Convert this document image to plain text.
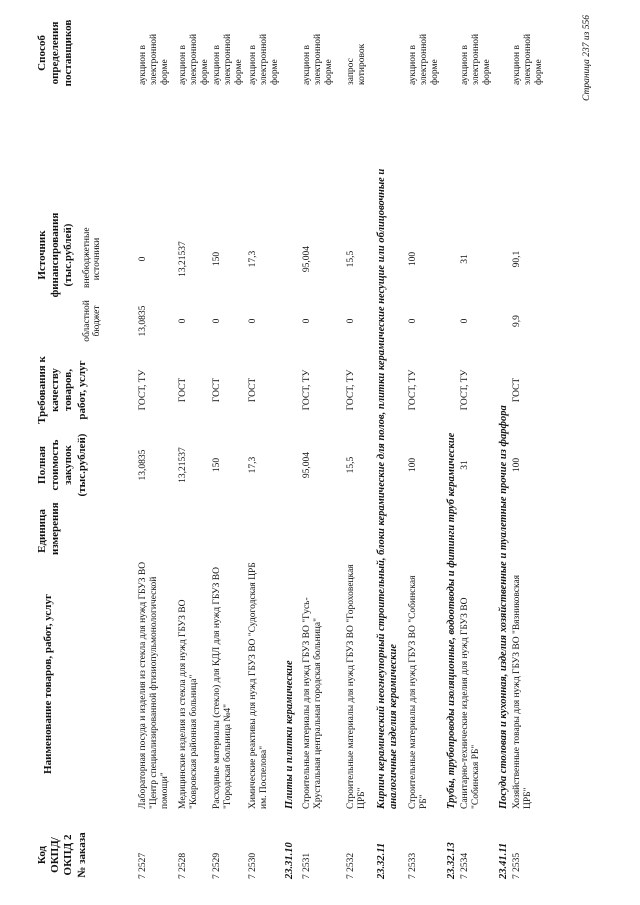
Код ОКПД/ ОКПД 2 № заказа
Наименование товаров, работ, услуг
Единица измерения
Полная стоимость закупок (тыс.рублей)
Требования к качеству товаров, работ, услуг
Источник финансирования (тыс.рублей)
областной бюджет
внебюджетные источники
Способ определения поставщиков
7 2527
Лабораторная посуда и изделия из стекла для нужд ГБУЗ ВО "Центр специализированной фтизиопульмонологической помощи"
13,0835
ГОСТ, ТУ
13,0835
0
аукцион в электронной форме
7 2528
Медицинские изделия из стекла для нужд ГБУЗ ВО "Ковровская районная больница"
13,21537
ГОСТ
0
13,21537
аукцион в электронной форме
7 2529
Расходные материалы (стекло) для КДЛ для нужд ГБУЗ ВО "Городская больница №4"
150
ГОСТ
0
150
аукцион в электронной форме
7 2530
Химические реактивы для нужд ГБУЗ ВО "Судогодская ЦРБ им. Поспелова"
17,3
ГОСТ
0
17,3
аукцион в электронной форме
23.31.10
Плиты и плитки керамические
7 2531
Строительные материалы для нужд ГБУЗ ВО "Гусь-Хрустальная центральная городская больница"
95,004
ГОСТ, ТУ
0
95,004
аукцион в электронной форме
7 2532
Строительные материалы для нужд ГБУЗ ВО "Гороховецкая ЦРБ"
15,5
ГОСТ, ТУ
0
15,5
запрос котировок
23.32.11
Кирпич керамический неогнеупорный строительный, блоки керамические для полов, плитки керамические несущие или облицовочные и аналогичные изделия керамические
7 2533
Строительные материалы для нужд ГБУЗ ВО "Собинская РБ"
100
ГОСТ, ТУ
0
100
аукцион в электронной форме
23.32.13
Трубы, трубопроводы изоляционные, водоотводы и фитинги труб керамические
7 2534
Санитарно-технические изделия для нужд ГБУЗ ВО "Собинская РБ"
31
ГОСТ, ТУ
0
31
аукцион в электронной форме
23.41.11
Посуда столовая и кухонная, изделия хозяйственные и туалетные прочие из фарфора
7 2535
Хозяйственные товары для нужд ГБУЗ ВО "Вязниковская ЦРБ"
100
ГОСТ
9,9
90,1
аукцион в электронной форме	Страница 237 из 556
